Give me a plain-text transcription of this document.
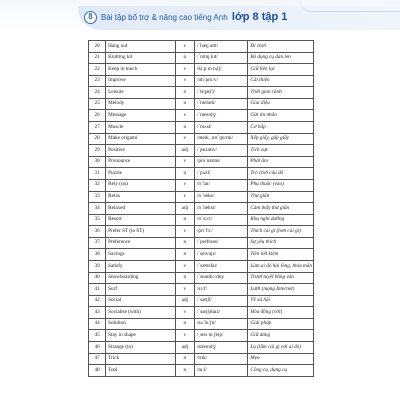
8	Bài tập bổ trợ & nâng cao tiếng Anh lớp 8 tập 1
20	Hang out	v	/ˈhæŋ aʊt/	Đi chơi
21	Knitting kit	n	/ˈnɪtɪŋ kɪt/	Bộ dụng cụ đan len
22	Keep in touch	v	/kiːp ɪn tʌtʃ/	Giữ liên lạc
23	Improve	v	/ɪmˈpruːv/	Cải thiện
24	Leisure	n	/ˈleʒə(r)/	Thời gian rảnh
25	Melody	n	/ˈmelədi/	Giai điệu
26	Message	v	/ˈmesɪdʒ/	Gửi tin nhắn
27	Muscle	n	/ˈmʌsl/	Cơ bắp
28	Make origami	v	/meɪk ˌɒrɪˈɡɑːmi/	Xếp giấy, gấp giấy
29	Positive	adj	/ˈpɒzətɪv/	Tích cực
30	Pronounce	v	/prəˈnaʊns/	Phát âm
31	Puzzle	n	/ˈpʌzl/	Trò chơi câu đố
32	Rely (on)	v	/rɪˈlaɪ/	Phụ thuộc (vào)
33	Relax	v	/rɪˈlæks/	Thư giãn
34	Relaxed	adj	/rɪˈlækst/	Cảm thấy thư giãn
35	Resort	n	/rɪˈzɔːt/	Khu nghỉ dưỡng
36	Prefer ST (to ST)	v	/prɪˈfɜː/	Thích cái gì (hơn cái gì)
37	Preference	n	/ˈprefrəns/	Sự yêu thích
38	Savings	n	/ˈseɪvɪŋz/	Tiền tiết kiệm
39	Satisfy	v	/ˈsætɪsfaɪ/	Làm ai đó hài lòng, thỏa mãn
40	Snowboarding	n	/ˈsnəʊbɔːdɪŋ/	Trượt tuyết bằng ván
41	Surf	v	/sɜːf/	Lướt (mạng Internet)
42	Social	adj	/ˈsəʊʃl/	Về xã hội
43	Socialise (with)	v	/ˈsəʊʃəlaɪz/	Hòa đồng (với)
44	Solution	n	/səˈluːʃn/	Giải pháp
45	Stay in shape	v	/ˌsteɪ ɪn ʃeɪp/	Giữ dáng
46	Strange (to)	adj	/streɪndʒ/	Lạ (lẫm cái gì với ai đó)
47	Trick	n	/trɪk/	Mẹo
48	Tool	n	/tuːl/	Công cụ, dụng cụ
